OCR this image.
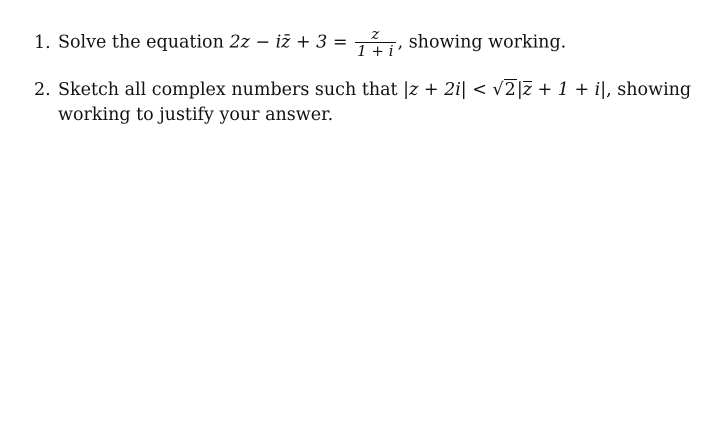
1. Solve the equation 2z − iz̄ + $3 = \frac{z}{1 + i}$ , showing working.
2. Sketch all complex numbers such that |z + 2i| < √2|z + 1 + i|, showing
working to justify your answer.
